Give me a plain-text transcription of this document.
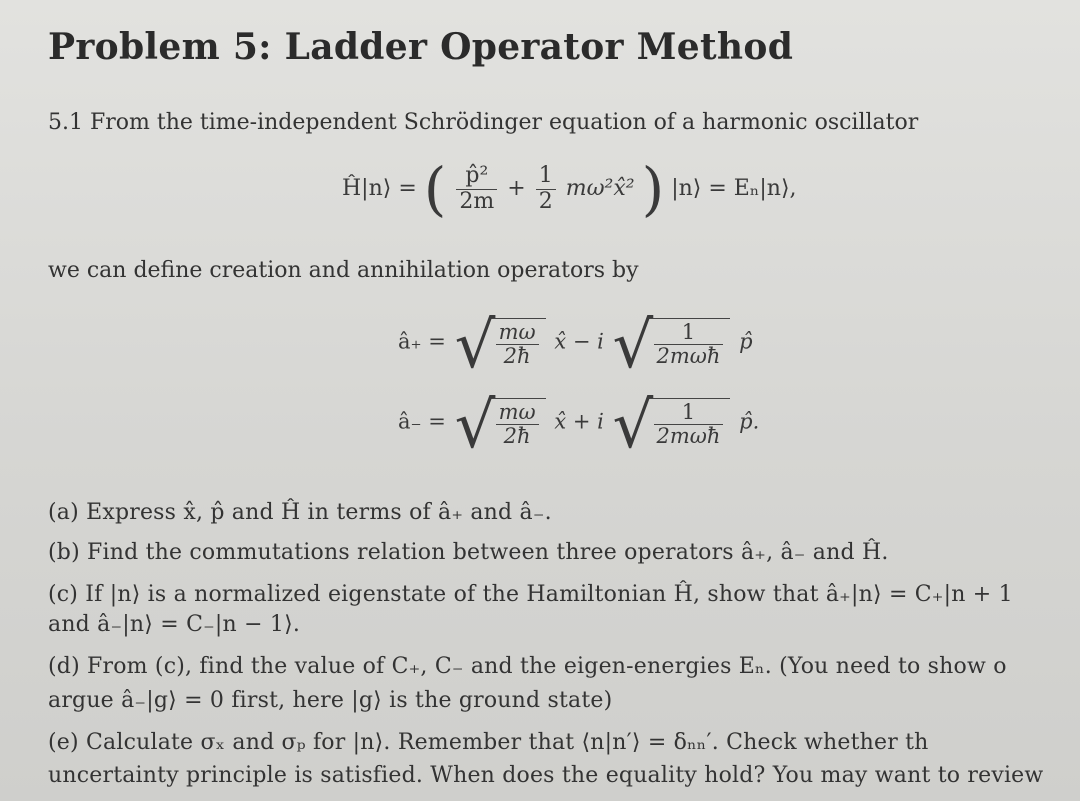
Problem 5: Ladder Operator Method
5.1 From the time-independent Schrödinger equation of a harmonic oscillator
Ĥ|n⟩ = ( $\frac{\text{p̂²}}{2m} + \frac{1}{2}$ mω²x̂² ) |n⟩ = Eₙ|n⟩,
we can define creation and annihilation operators by
â₊ = √ $\frac{m\omega}{2ħ}$ x̂ − i √ $\frac{1}{\text{2mωħ}}$ p̂
â₋ = √ $\frac{m\omega}{2ħ}$ x̂ + i √ $\frac{1}{\text{2mωħ}}$ p̂.
(a) Express x̂, p̂ and Ĥ in terms of â₊ and â₋.
(b) Find the commutations relation between three operators â₊, â₋ and Ĥ.
(c) If |n⟩ is a normalized eigenstate of the Hamiltonian Ĥ, show that â₊|n⟩ = C₊|n + 1
and â₋|n⟩ = C₋|n − 1⟩.
(d) From (c), find the value of C₊, C₋ and the eigen-energies Eₙ. (You need to show o
argue â₋|g⟩ = 0 first, here |g⟩ is the ground state)
(e) Calculate σₓ and σₚ for |n⟩. Remember that ⟨n|n′⟩ = δₙₙ′. Check whether th
uncertainty principle is satisfied. When does the equality hold? You may want to review
